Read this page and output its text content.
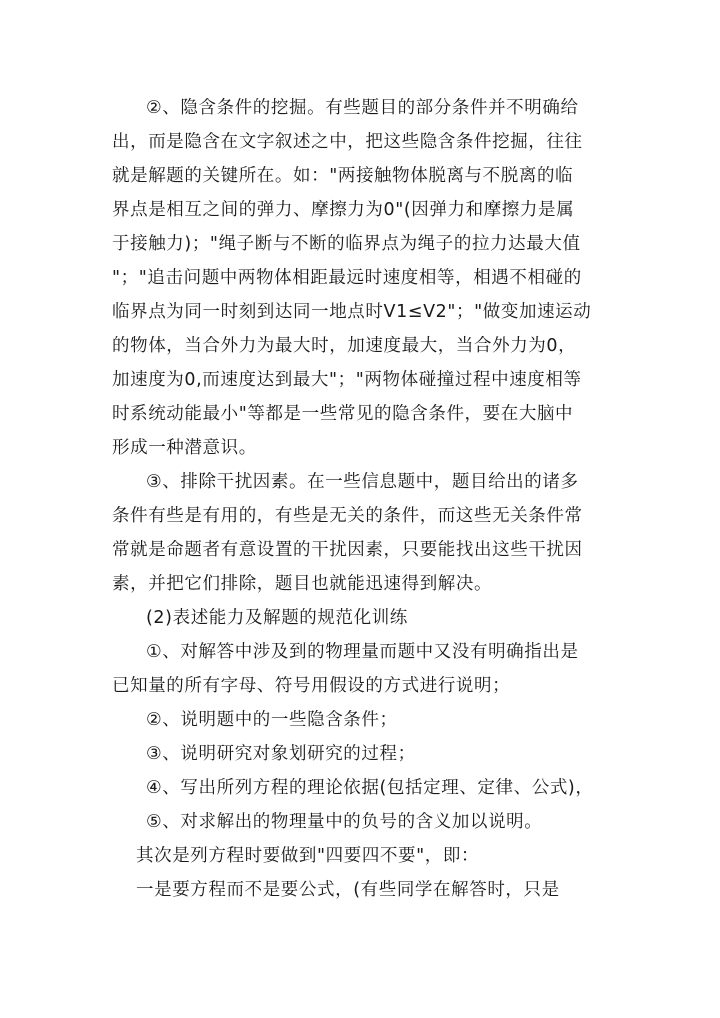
②、隐含条件的挖掘。有些题目的部分条件并不明确给
出，而是隐含在文字叙述之中，把这些隐含条件挖掘，往往
就是解题的关键所在。如："两接触物体脱离与不脱离的临
界点是相互之间的弹力、摩擦力为0"(因弹力和摩擦力是属
于接触力)；"绳子断与不断的临界点为绳子的拉力达最大值
"；"追击问题中两物体相距最远时速度相等，相遇不相碰的
临界点为同一时刻到达同一地点时V1≤V2"；"做变加速运动
的物体，当合外力为最大时，加速度最大，当合外力为0，
加速度为0,而速度达到最大"；"两物体碰撞过程中速度相等
时系统动能最小"等都是一些常见的隐含条件，要在大脑中
形成一种潜意识。
③、排除干扰因素。在一些信息题中，题目给出的诸多
条件有些是有用的，有些是无关的条件，而这些无关条件常
常就是命题者有意设置的干扰因素，只要能找出这些干扰因
素，并把它们排除，题目也就能迅速得到解决。
(2)表述能力及解题的规范化训练
①、对解答中涉及到的物理量而题中又没有明确指出是
已知量的所有字母、符号用假设的方式进行说明；
②、说明题中的一些隐含条件；
③、说明研究对象划研究的过程；
④、写出所列方程的理论依据(包括定理、定律、公式)，
⑤、对求解出的物理量中的负号的含义加以说明。
其次是列方程时要做到"四要四不要"，即：
一是要方程而不是要公式，(有些同学在解答时，只是
